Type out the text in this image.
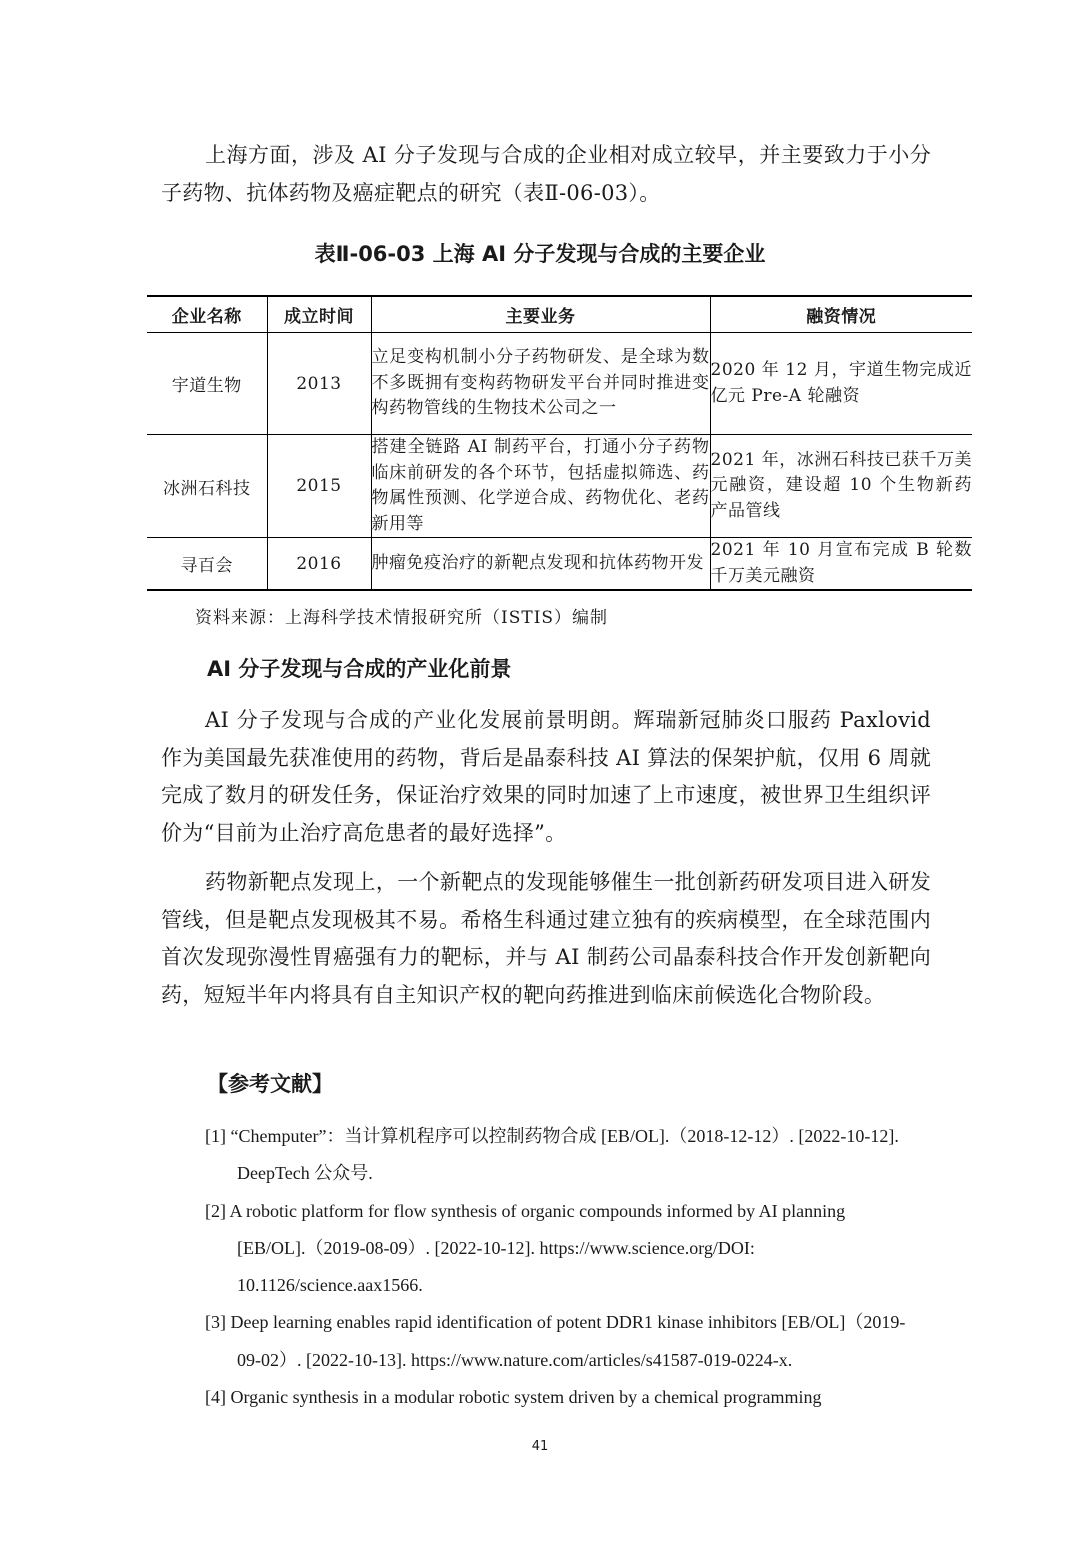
上海方面，涉及 AI 分子发现与合成的企业相对成立较早，并主要致力于小分子药物、抗体药物及癌症靶点的研究（表Ⅱ-06-03）。

表Ⅱ-06-03 上海 AI 分子发现与合成的主要企业

企业名称	成立时间	主要业务	融资情况
宇道生物	2013	立足变构机制小分子药物研发、是全球为数不多既拥有变构药物研发平台并同时推进变构药物管线的生物技术公司之一	2020 年 12 月，宇道生物完成近亿元 Pre-A 轮融资
冰洲石科技	2015	搭建全链路 AI 制药平台，打通小分子药物临床前研发的各个环节，包括虚拟筛选、药物属性预测、化学逆合成、药物优化、老药新用等	2021 年，冰洲石科技已获千万美元融资，建设超 10 个生物新药产品管线
寻百会	2016	肿瘤免疫治疗的新靶点发现和抗体药物开发	2021 年 10 月宣布完成 B 轮数千万美元融资

资料来源：上海科学技术情报研究所（ISTIS）编制

AI 分子发现与合成的产业化前景

AI 分子发现与合成的产业化发展前景明朗。辉瑞新冠肺炎口服药 Paxlovid 作为美国最先获准使用的药物，背后是晶泰科技 AI 算法的保架护航，仅用 6 周就完成了数月的研发任务，保证治疗效果的同时加速了上市速度，被世界卫生组织评价为“目前为止治疗高危患者的最好选择”。

药物新靶点发现上，一个新靶点的发现能够催生一批创新药研发项目进入研发管线，但是靶点发现极其不易。希格生科通过建立独有的疾病模型，在全球范围内首次发现弥漫性胃癌强有力的靶标，并与 AI 制药公司晶泰科技合作开发创新靶向药，短短半年内将具有自主知识产权的靶向药推进到临床前候选化合物阶段。

【参考文献】
[1] “Chemputer”：当计算机程序可以控制药物合成 [EB/OL].（2018-12-12）. [2022-10-12]. DeepTech 公众号.
[2] A robotic platform for flow synthesis of organic compounds informed by AI planning [EB/OL].（2019-08-09）. [2022-10-12]. https://www.science.org/DOI: 10.1126/science.aax1566.
[3] Deep learning enables rapid identification of potent DDR1 kinase inhibitors [EB/OL]（2019-09-02）. [2022-10-13]. https://www.nature.com/articles/s41587-019-0224-x.
[4] Organic synthesis in a modular robotic system driven by a chemical programming
41
